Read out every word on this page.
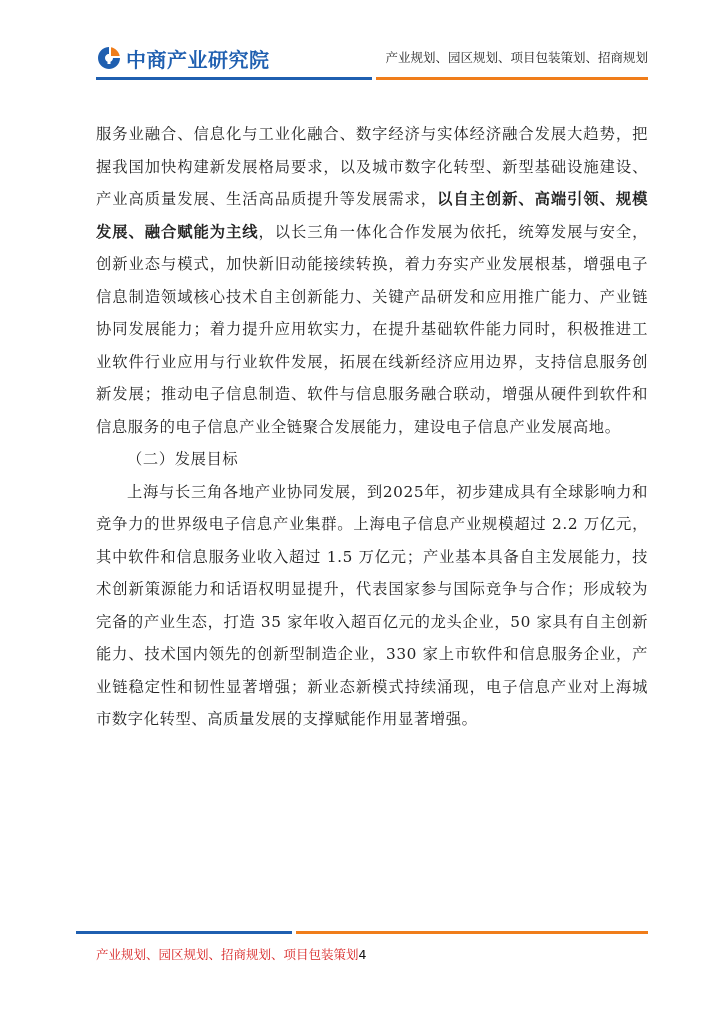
中商产业研究院	产业规划、园区规划、项目包装策划、招商规划

服务业融合、信息化与工业化融合、数字经济与实体经济融合发展大趋势，把握我国加快构建新发展格局要求，以及城市数字化转型、新型基础设施建设、产业高质量发展、生活高品质提升等发展需求，以自主创新、高端引领、规模发展、融合赋能为主线，以长三角一体化合作发展为依托，统筹发展与安全，创新业态与模式，加快新旧动能接续转换，着力夯实产业发展根基，增强电子信息制造领域核心技术自主创新能力、关键产品研发和应用推广能力、产业链协同发展能力；着力提升应用软实力，在提升基础软件能力同时，积极推进工业软件行业应用与行业软件发展，拓展在线新经济应用边界，支持信息服务创新发展；推动电子信息制造、软件与信息服务融合联动，增强从硬件到软件和信息服务的电子信息产业全链聚合发展能力，建设电子信息产业发展高地。

（二）发展目标

上海与长三角各地产业协同发展，到2025年，初步建成具有全球影响力和竞争力的世界级电子信息产业集群。上海电子信息产业规模超过 2.2 万亿元，其中软件和信息服务业收入超过 1.5 万亿元；产业基本具备自主发展能力，技术创新策源能力和话语权明显提升，代表国家参与国际竞争与合作；形成较为完备的产业生态，打造 35 家年收入超百亿元的龙头企业，50 家具有自主创新能力、技术国内领先的创新型制造企业，330 家上市软件和信息服务企业，产业链稳定性和韧性显著增强；新业态新模式持续涌现，电子信息产业对上海城市数字化转型、高质量发展的支撑赋能作用显著增强。

产业规划、园区规划、招商规划、项目包装策划4
